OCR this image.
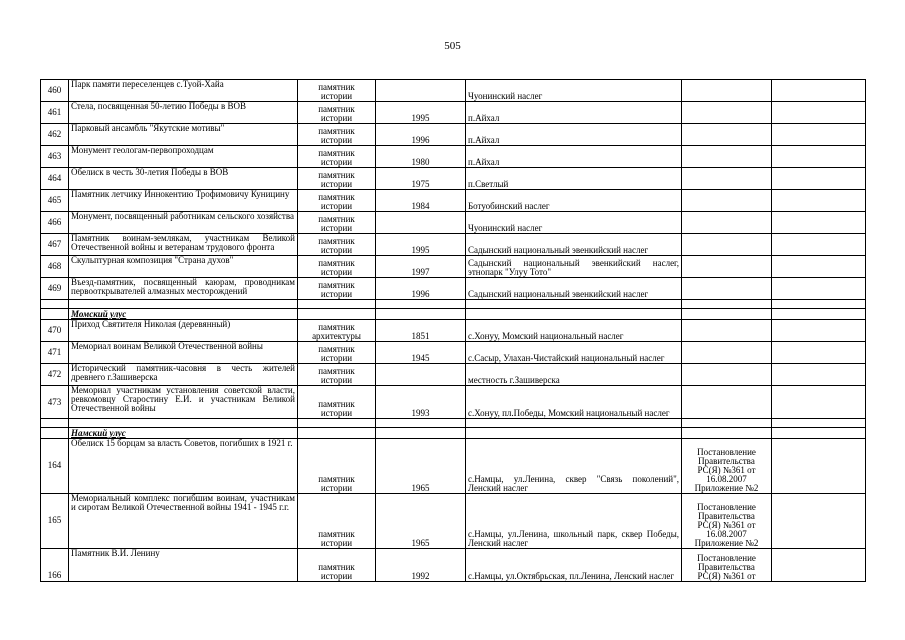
505
460	Парк памяти переселенцев с.Туой-Хайа	памятник
истории		Чуонинский наслег		
461	Стела, посвященная 50-летию Победы в ВОВ	памятник
истории	1995	п.Айхал		
462	Парковый ансамбль "Якутские мотивы"	памятник
истории	1996	п.Айхал		
463	Монумент геологам-первопроходцам	памятник
истории	1980	п.Айхал		
464	Обелиск в честь 30-летия Победы в ВОВ	памятник
истории	1975	п.Светлый		
465	Памятник летчику Иннокентию Трофимовичу Куницину	памятник
истории	1984	Ботуобинский наслег		
466	Монумент, посвященный работникам сельского хозяйства	памятник
истории		Чуонинский наслег		
467	Памятник воинам-землякам, участникам Великой Отечественной войны и ветеранам трудового фронта	памятник
истории	1995	Садынский национальный эвенкийский наслег		
468	Скульптурная композиция "Страна духов"	памятник
истории	1997	Садынский национальный эвенкийский наслег, этнопарк "Улуу Тото"		
469	Въезд-памятник, посвященный каюрам, проводникам первооткрывателей алмазных месторождений	памятник
истории	1996	Садынский национальный эвенкийский наслег		

	Момский улус					
470	Приход Святителя Николая (деревянный)	памятник
архитектуры	1851	с.Хонуу, Момский национальный наслег		
471	Мемориал воинам Великой Отечественной войны	памятник
истории	1945	с.Сасыр, Улахан-Чистайский национальный наслег		
472	Исторический памятник-часовня в честь жителей древнего г.Зашиверска	памятник
истории		местность г.Зашиверска		
473	Мемориал участникам установления советской власти, ревкомовцу Старостину Е.И. и участникам Великой Отечественной войны	памятник
истории	1993	с.Хонуу, пл.Победы, Момский национальный наслег		

	Намский улус					
164	Обелиск 15 борцам за власть Советов, погибших в 1921 г.	памятник
истории	1965	с.Намцы, ул.Ленина, сквер "Связь поколений", Ленский наслег	Постановление
Правительства
РС(Я) №361 от
16.08.2007
Приложение №2	
165	Мемориальный комплекс погибшим воинам, участникам и сиротам Великой Отечественной войны 1941 - 1945 г.г.	памятник
истории	1965	с.Намцы, ул.Ленина, школьный парк, сквер Победы, Ленский наслег	Постановление
Правительства
РС(Я) №361 от
16.08.2007
Приложение №2	
166	Памятник В.И. Ленину	памятник
истории	1992	с.Намцы, ул.Октябрьская, пл.Ленина, Ленский наслег	Постановление
Правительства
РС(Я) №361 от	
